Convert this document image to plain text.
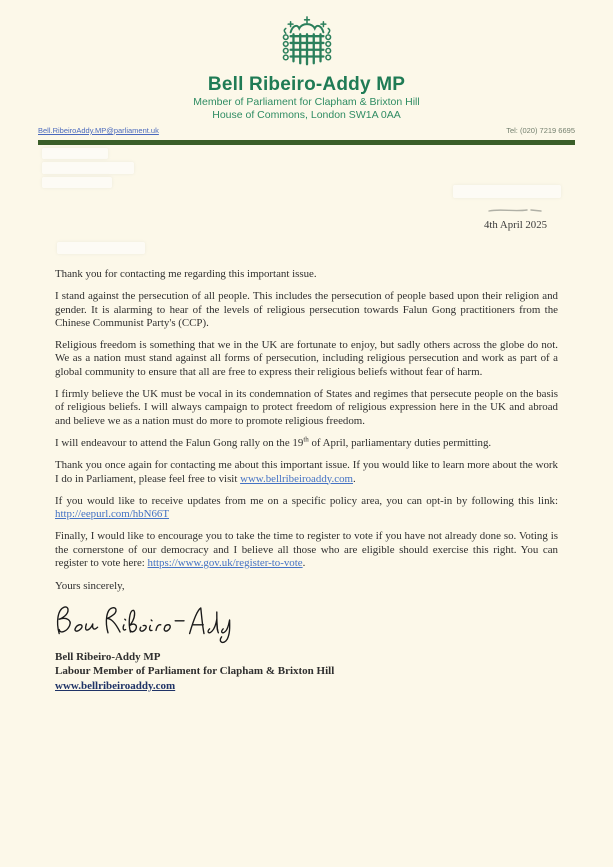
Bell Ribeiro-Addy MP
Member of Parliament for Clapham & Brixton Hill
House of Commons, London SW1A 0AA
Bell.RibeiroAddy.MP@parliament.uk	Tel: (020) 7219 6695
4th April 2025

Thank you for contacting me regarding this important issue.

I stand against the persecution of all people. This includes the persecution of people based upon their religion and gender. It is alarming to hear of the levels of religious persecution towards Falun Gong practitioners from the Chinese Communist Party's (CCP).

Religious freedom is something that we in the UK are fortunate to enjoy, but sadly others across the globe do not. We as a nation must stand against all forms of persecution, including religious persecution and work as part of a global community to ensure that all are free to express their religious beliefs without fear of harm.

I firmly believe the UK must be vocal in its condemnation of States and regimes that persecute people on the basis of religious beliefs. I will always campaign to protect freedom of religious expression here in the UK and abroad and believe we as a nation must do more to promote religious freedom.

I will endeavour to attend the Falun Gong rally on the 19th of April, parliamentary duties permitting.

Thank you once again for contacting me about this important issue. If you would like to learn more about the work I do in Parliament, please feel free to visit www.bellribeiroaddy.com.

If you would like to receive updates from me on a specific policy area, you can opt-in by following this link: http://eepurl.com/hbN66T

Finally, I would like to encourage you to take the time to register to vote if you have not already done so. Voting is the cornerstone of our democracy and I believe all those who are eligible should exercise this right. You can register to vote here: https://www.gov.uk/register-to-vote.

Yours sincerely,

Bell Ribeiro-Addy MP
Labour Member of Parliament for Clapham & Brixton Hill
www.bellribeiroaddy.com
